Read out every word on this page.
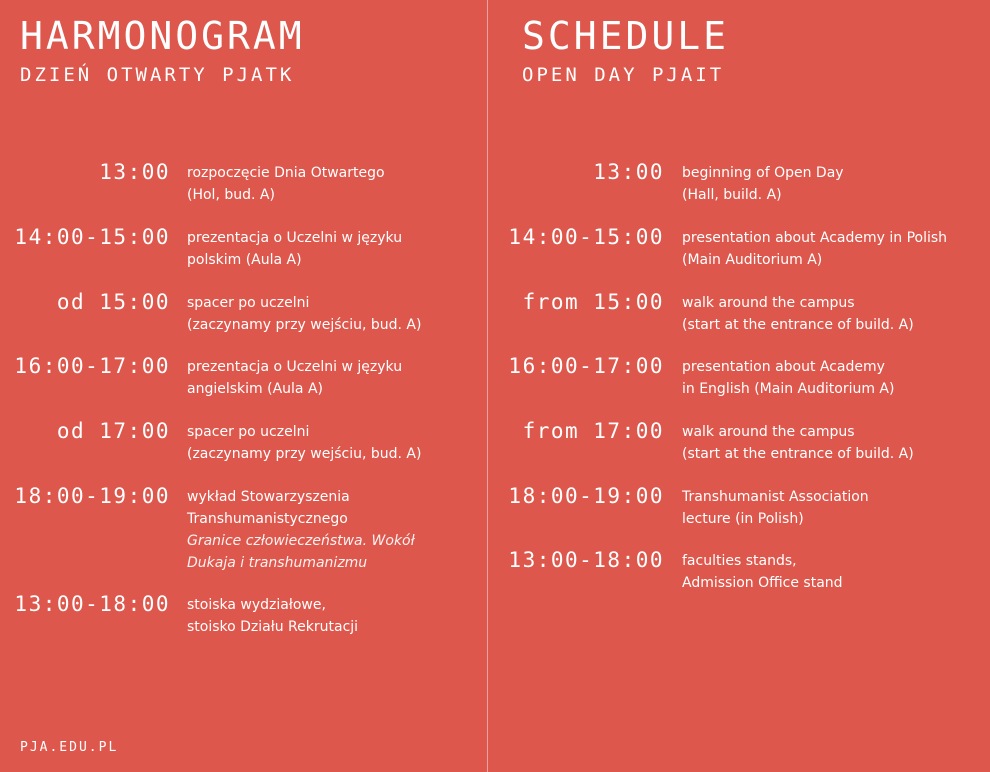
HARMONOGRAM
DZIEŃ OTWARTY PJATK
13:00 rozpoczęcie Dnia Otwartego
(Hol, bud. A)
14:00-15:00 prezentacja o Uczelni w języku
polskim (Aula A)
od 15:00 spacer po uczelni
(zaczynamy przy wejściu, bud. A)
16:00-17:00 prezentacja o Uczelni w języku
angielskim (Aula A)
od 17:00 spacer po uczelni
(zaczynamy przy wejściu, bud. A)
18:00-19:00 wykład Stowarzyszenia
Transhumanistycznego
Granice człowieczeństwa. Wokół
Dukaja i transhumanizmu
13:00-18:00 stoiska wydziałowe,
stoisko Działu Rekrutacji
PJA.EDU.PL
SCHEDULE
OPEN DAY PJAIT
13:00 beginning of Open Day
(Hall, build. A)
14:00-15:00 presentation about Academy in Polish
(Main Auditorium A)
from 15:00 walk around the campus
(start at the entrance of build. A)
16:00-17:00 presentation about Academy
in English (Main Auditorium A)
from 17:00 walk around the campus
(start at the entrance of build. A)
18:00-19:00 Transhumanist Association
lecture (in Polish)
13:00-18:00 faculties stands,
Admission Office stand
